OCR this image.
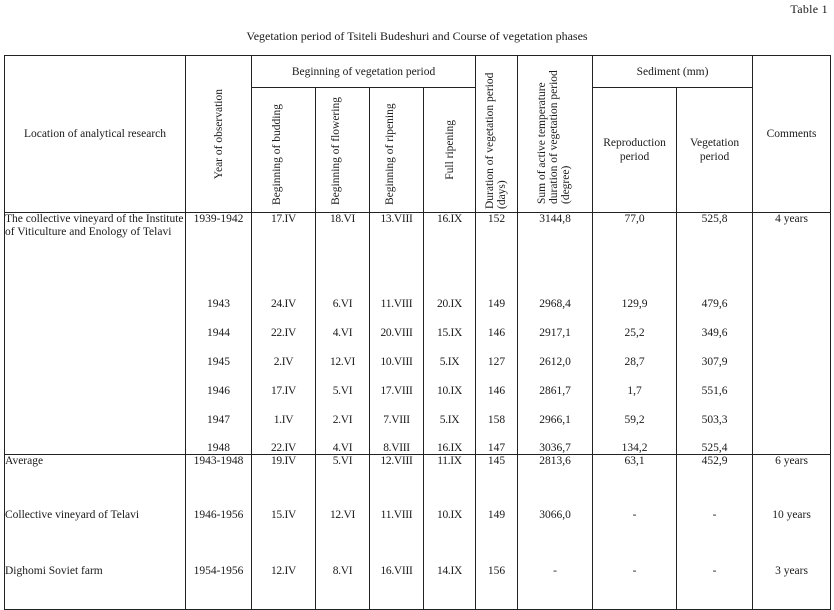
Table 1
Vegetation period of Tsiteli Budeshuri and Course of vegetation phases
Location of analytical research	Year of observation	Beginning of vegetation period				Duration of vegetation period (days)	Sum of active temperature duration of vegetation period (degree)	Sediment (mm)		Comments
		Beginning of budding	Beginning of flowering	Beginning of ripening	Full ripening			Reproduction period	Vegetation period	
The collective vineyard of the Institute of Viticulture and Enology of Telavi	1939-1942	17.IV	18.VI	13.VIII	16.IX	152	3144,8	77,0	525,8	4 years
	1943	24.IV	6.VI	11.VIII	20.IX	149	2968,4	129,9	479,6	
	1944	22.IV	4.VI	20.VIII	15.IX	146	2917,1	25,2	349,6	
	1945	2.IV	12.VI	10.VIII	5.IX	127	2612,0	28,7	307,9	
	1946	17.IV	5.VI	17.VIII	10.IX	146	2861,7	1,7	551,6	
	1947	1.IV	2.VI	7.VIII	5.IX	158	2966,1	59,2	503,3	
	1948	22.IV	4.VI	8.VIII	16.IX	147	3036,7	134,2	525,4	
Average	1943-1948	19.IV	5.VI	12.VIII	11.IX	145	2813,6	63,1	452,9	6 years
Collective vineyard of Telavi	1946-1956	15.IV	12.VI	11.VIII	10.IX	149	3066,0	-	-	10 years
Dighomi Soviet farm	1954-1956	12.IV	8.VI	16.VIII	14.IX	156	-	-	-	3 years
